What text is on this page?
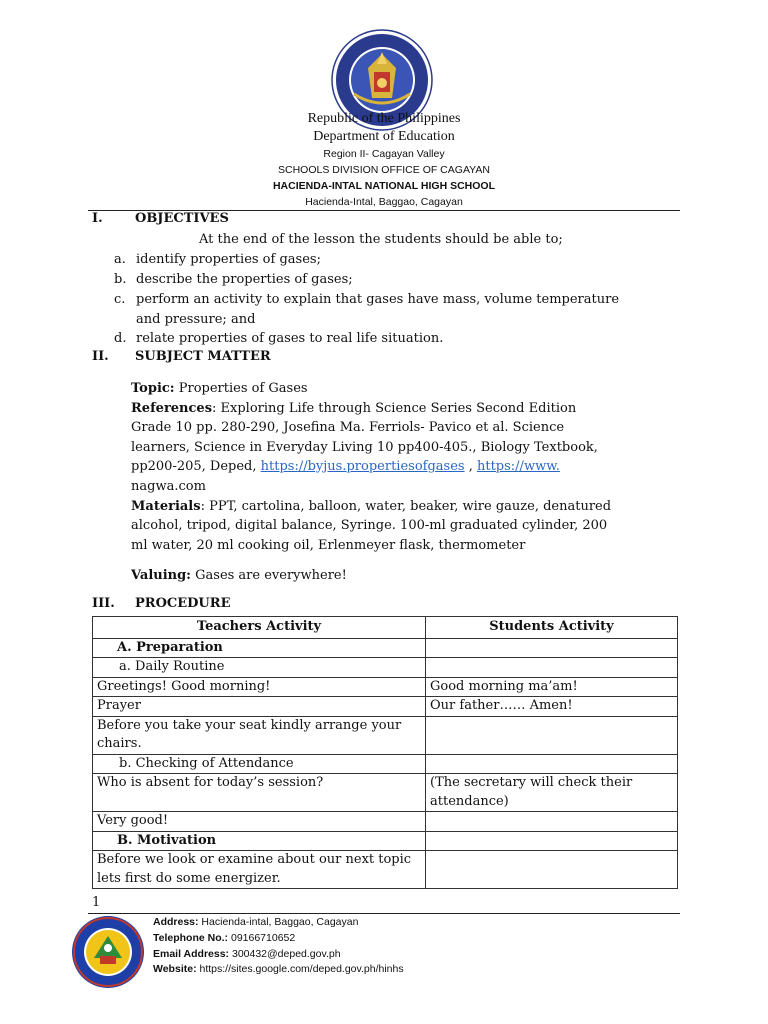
Republic of the Philippines
Department of Education
Region II- Cagayan Valley
SCHOOLS DIVISION OFFICE OF CAGAYAN
HACIENDA-INTAL NATIONAL HIGH SCHOOL
Hacienda-Intal, Baggao, Cagayan
I. OBJECTIVES
At the end of the lesson the students should be able to;
a. identify properties of gases;
b. describe the properties of gases;
c. perform an activity to explain that gases have mass, volume temperature
and pressure; and
d. relate properties of gases to real life situation.
II. SUBJECT MATTER
Topic: Properties of Gases
References: Exploring Life through Science Series Second Edition
Grade 10 pp. 280-290, Josefina Ma. Ferriols- Pavico et al. Science
learners, Science in Everyday Living 10 pp400-405., Biology Textbook,
pp200-205, Deped, https://byjus.propertiesofgases , https://www.
nagwa.com
Materials: PPT, cartolina, balloon, water, beaker, wire gauze, denatured
alcohol, tripod, digital balance, Syringe. 100-ml graduated cylinder, 200
ml water, 20 ml cooking oil, Erlenmeyer flask, thermometer
Valuing: Gases are everywhere!
III. PROCEDURE
Teachers Activity	Students Activity
A. Preparation	
a. Daily Routine	
Greetings! Good morning!	Good morning ma’am!
Prayer	Our father…… Amen!
Before you take your seat kindly arrange your chairs.	
b. Checking of Attendance	
Who is absent for today’s session?	(The secretary will check their attendance)
Very good!	
B. Motivation	
Before we look or examine about our next topic lets first do some energizer.	
1
Address: Hacienda-intal, Baggao, Cagayan
Telephone No.: 09166710652
Email Address: 300432@deped.gov.ph
Website: https://sites.google.com/deped.gov.ph/hinhs
